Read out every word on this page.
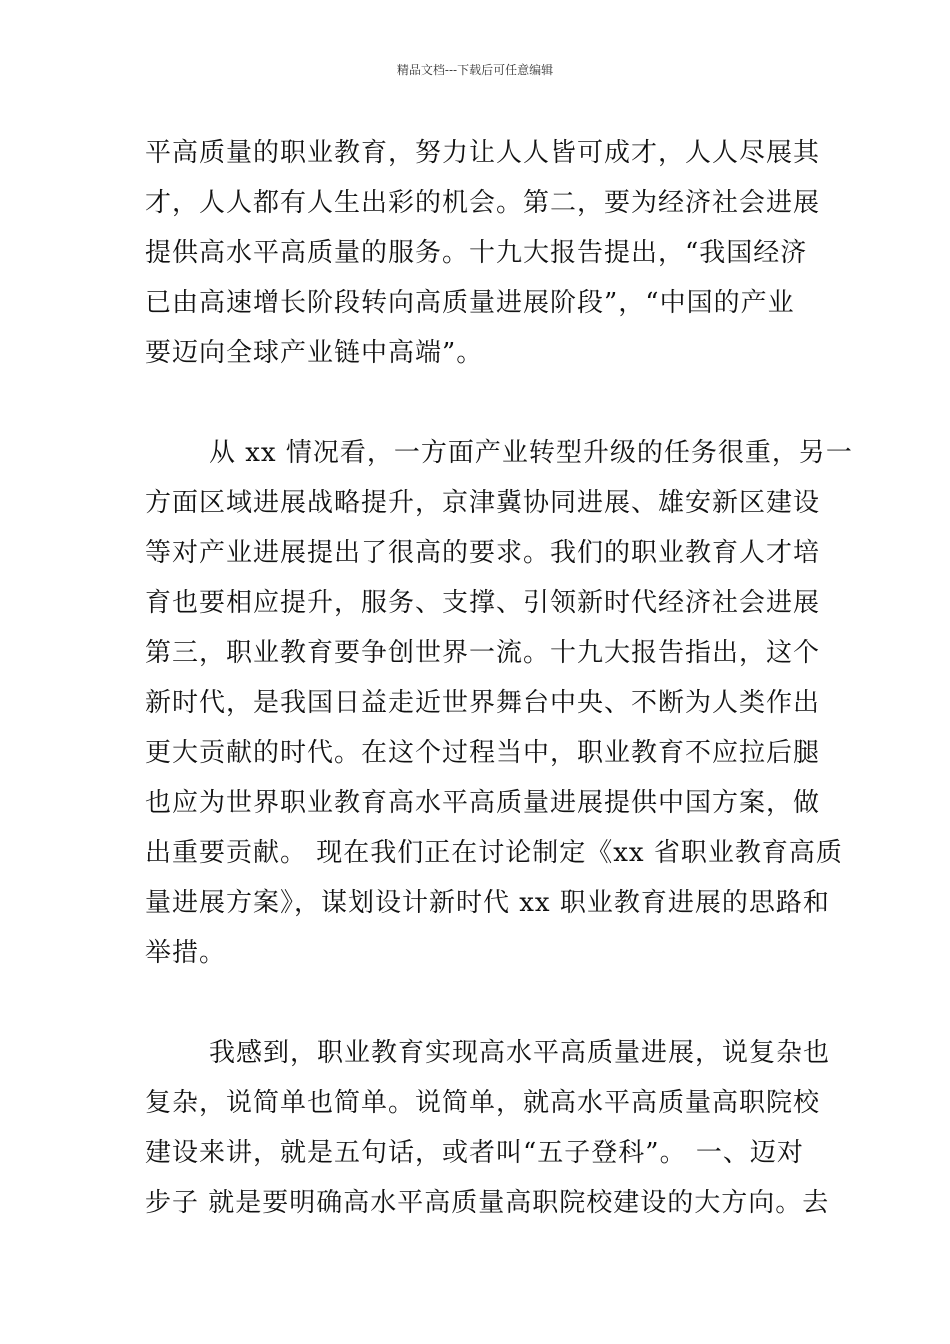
精品文档---下载后可任意编辑

平高质量的职业教育，努力让人人皆可成才，人人尽展其
才，人人都有人生出彩的机会。第二，要为经济社会进展
提供高水平高质量的服务。十九大报告提出，“我国经济
已由高速增长阶段转向高质量进展阶段”，“中国的产业
要迈向全球产业链中高端”。

从 xx 情况看，一方面产业转型升级的任务很重，另一
方面区域进展战略提升，京津冀协同进展、雄安新区建设
等对产业进展提出了很高的要求。我们的职业教育人才培
育也要相应提升，服务、支撑、引领新时代经济社会进展
第三，职业教育要争创世界一流。十九大报告指出，这个
新时代，是我国日益走近世界舞台中央、不断为人类作出
更大贡献的时代。在这个过程当中，职业教育不应拉后腿
也应为世界职业教育高水平高质量进展提供中国方案，做
出重要贡献。 现在我们正在讨论制定《xx 省职业教育高质
量进展方案》，谋划设计新时代 xx 职业教育进展的思路和
举措。

我感到，职业教育实现高水平高质量进展，说复杂也
复杂，说简单也简单。说简单，就高水平高质量高职院校
建设来讲，就是五句话，或者叫“五子登科”。 一、迈对
步子 就是要明确高水平高质量高职院校建设的大方向。去
